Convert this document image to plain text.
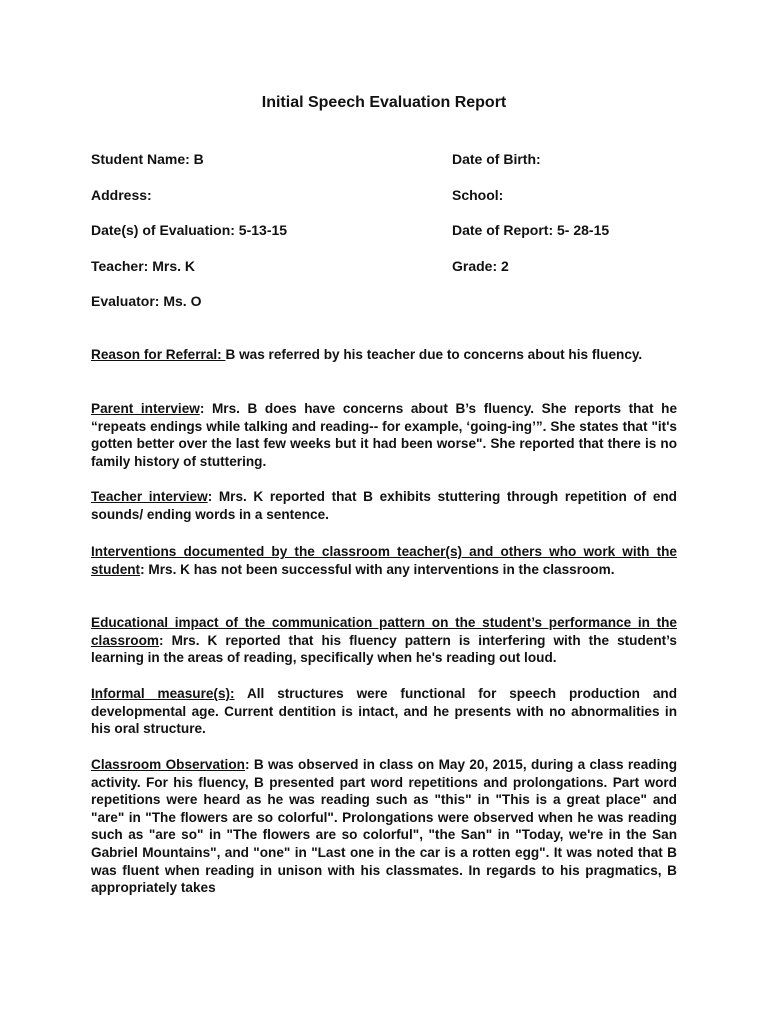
Initial Speech Evaluation Report
Student Name: B	Date of Birth:
Address:	School:
Date(s) of Evaluation: 5-13-15	Date of Report: 5- 28-15
Teacher: Mrs. K	Grade: 2
Evaluator: Ms. O

Reason for Referral: B was referred by his teacher due to concerns about his fluency.

Parent interview: Mrs. B does have concerns about B’s fluency. She reports that he “repeats endings while talking and reading-- for example, ‘going-ing’”. She states that "it's gotten better over the last few weeks but it had been worse". She reported that there is no family history of stuttering.

Teacher interview: Mrs. K reported that B exhibits stuttering through repetition of end sounds/ ending words in a sentence.

Interventions documented by the classroom teacher(s) and others who work with the student: Mrs. K has not been successful with any interventions in the classroom.

Educational impact of the communication pattern on the student’s performance in the classroom: Mrs. K reported that his fluency pattern is interfering with the student’s learning in the areas of reading, specifically when he's reading out loud.

Informal measure(s): All structures were functional for speech production and developmental age. Current dentition is intact, and he presents with no abnormalities in his oral structure.

Classroom Observation: B was observed in class on May 20, 2015, during a class reading activity. For his fluency, B presented part word repetitions and prolongations. Part word repetitions were heard as he was reading such as "this" in "This is a great place" and "are" in "The flowers are so colorful". Prolongations were observed when he was reading such as "are so" in "The flowers are so colorful", "the San" in "Today, we're in the San Gabriel Mountains", and "one" in "Last one in the car is a rotten egg". It was noted that B was fluent when reading in unison with his classmates. In regards to his pragmatics, B appropriately takes
